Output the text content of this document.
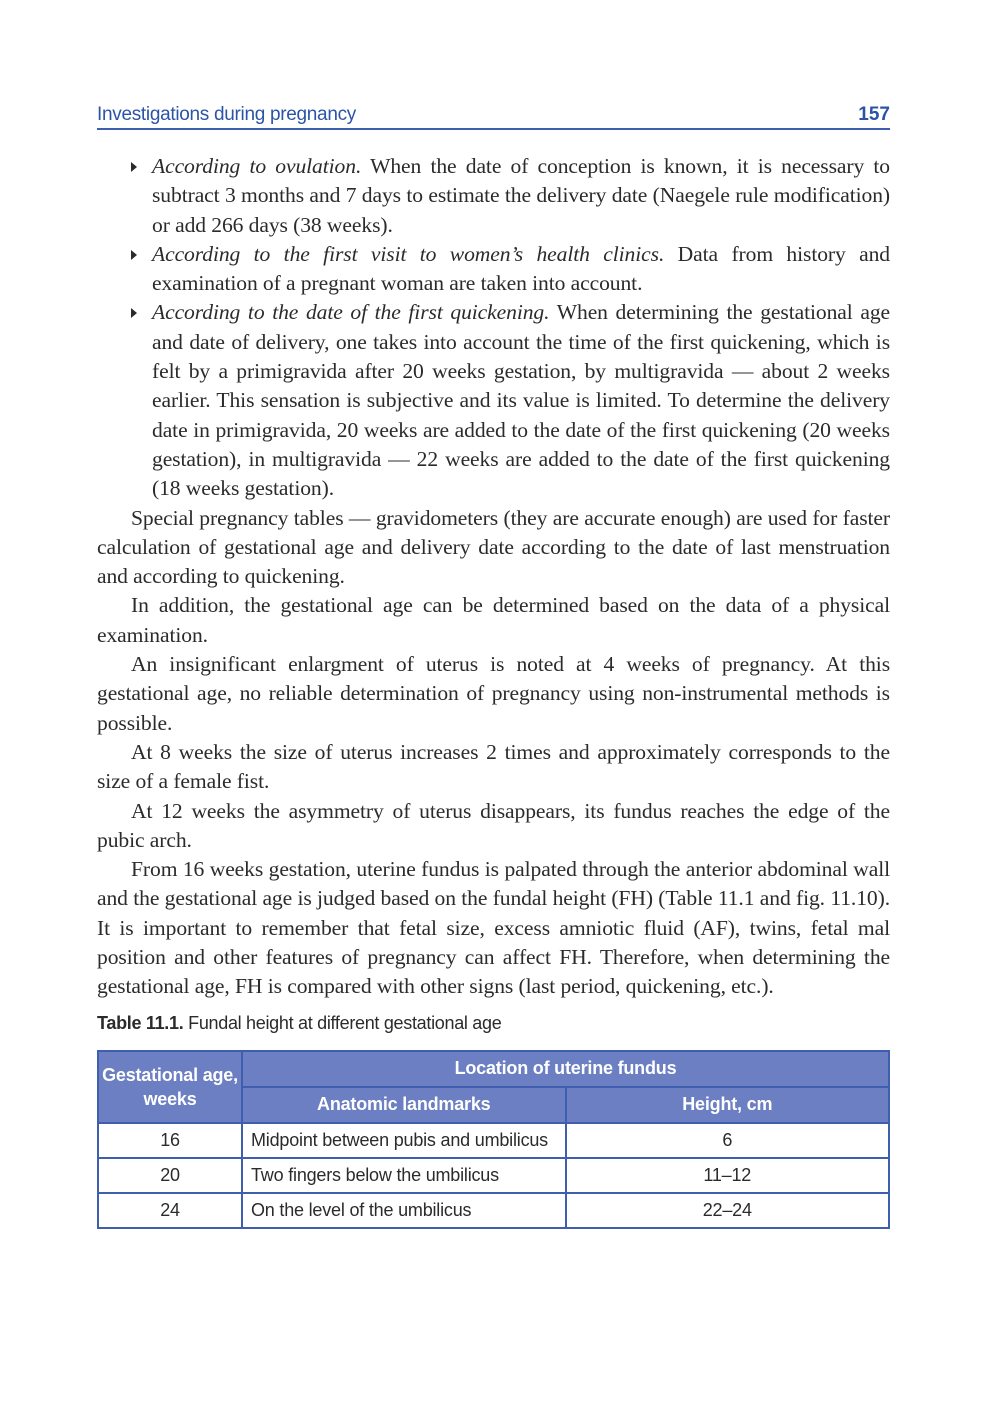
Investigations during pregnancy	157
According to ovulation. When the date of conception is known, it is necessary to subtract 3 months and 7 days to estimate the delivery date (Naegele rule modification) or add 266 days (38 weeks).
According to the first visit to women’s health clinics. Data from history and examination of a pregnant woman are taken into account.
According to the date of the first quickening. When determining the gestational age and date of delivery, one takes into account the time of the first quickening, which is felt by a primigravida after 20 weeks gestation, by multigravida — about 2 weeks earlier. This sensation is subjective and its value is limited. To determine the delivery date in primigravida, 20 weeks are added to the date of the first quickening (20 weeks gestation), in multigravida — 22 weeks are added to the date of the first quickening (18 weeks gestation).

Special pregnancy tables — gravidometers (they are accurate enough) are used for faster calculation of gestational age and delivery date according to the date of last menstruation and according to quickening.

In addition, the gestational age can be determined based on the data of a physical examination.

An insignificant enlargment of uterus is noted at 4 weeks of pregnancy. At this gestational age, no reliable determination of pregnancy using non-instrumental methods is possible.

At 8 weeks the size of uterus increases 2 times and approximately corresponds to the size of a female fist.

At 12 weeks the asymmetry of uterus disappears, its fundus reaches the edge of the pubic arch.

From 16 weeks gestation, uterine fundus is palpated through the anterior abdominal wall and the gestational age is judged based on the fundal height (FH) (Table 11.1 and fig. 11.10). It is important to remember that fetal size, excess amniotic fluid (AF), twins, fetal mal position and other features of pregnancy can affect FH. Therefore, when determining the gestational age, FH is compared with other signs (last period, quickening, etc.).

Table 11.1. Fundal height at different gestational age
Gestational age, weeks	Location of uterine fundus	
	Anatomic landmarks	Height, cm
16	Midpoint between pubis and umbilicus	6
20	Two fingers below the umbilicus	11–12
24	On the level of the umbilicus	22–24
